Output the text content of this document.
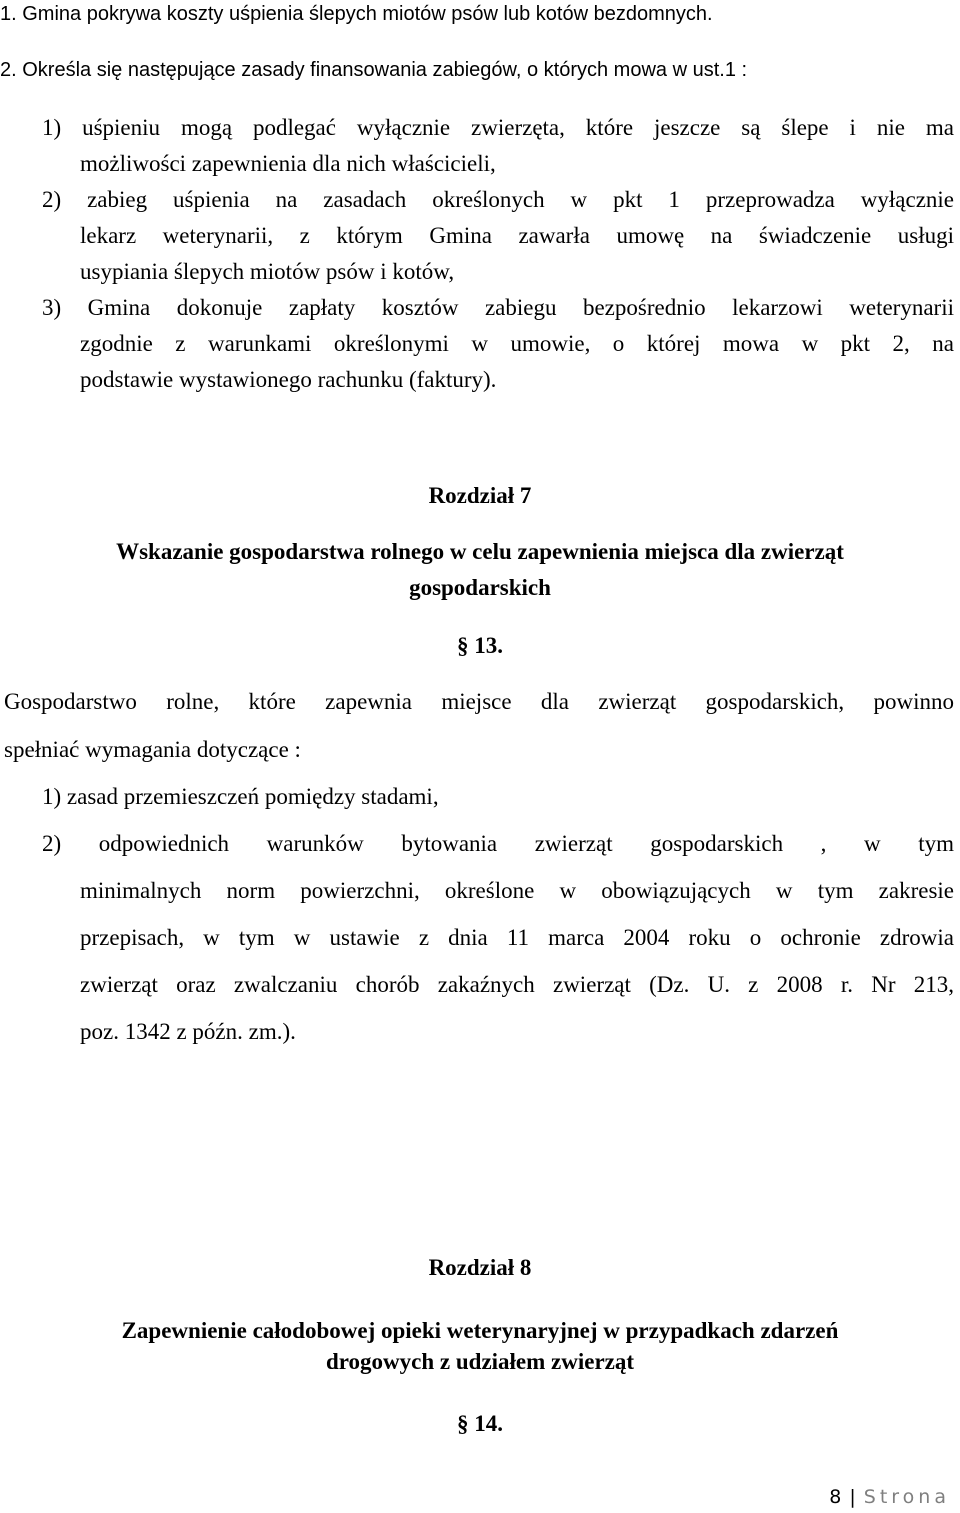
1. Gmina pokrywa koszty uśpienia ślepych miotów psów lub kotów bezdomnych.
2. Określa się następujące zasady finansowania zabiegów, o których mowa w ust.1 :
1) uśpieniu mogą podlegać wyłącznie zwierzęta, które jeszcze są ślepe i nie ma
możliwości zapewnienia dla nich właścicieli,
2) zabieg uśpienia na zasadach określonych w pkt 1 przeprowadza wyłącznie
lekarz weterynarii, z którym Gmina zawarła umowę na świadczenie usługi
usypiania ślepych miotów psów i kotów,
3) Gmina dokonuje zapłaty kosztów zabiegu bezpośrednio lekarzowi weterynarii
zgodnie z warunkami określonymi w umowie, o której mowa w pkt 2, na
podstawie wystawionego rachunku (faktury).
Rozdział 7
Wskazanie gospodarstwa rolnego w celu zapewnienia miejsca dla zwierząt
gospodarskich
§ 13.
Gospodarstwo rolne, które zapewnia miejsce dla zwierząt gospodarskich, powinno
spełniać wymagania dotyczące :
1) zasad przemieszczeń pomiędzy stadami,
2) odpowiednich warunków bytowania zwierząt gospodarskich , w tym
minimalnych norm powierzchni, określone w obowiązujących w tym zakresie
przepisach, w tym w ustawie z dnia 11 marca 2004 roku o ochronie zdrowia
zwierząt oraz zwalczaniu chorób zakaźnych zwierząt (Dz. U. z 2008 r. Nr 213,
poz. 1342 z późn. zm.).
Rozdział 8
Zapewnienie całodobowej opieki weterynaryjnej w przypadkach zdarzeń
drogowych z udziałem zwierząt
§ 14.
8 | Strona
